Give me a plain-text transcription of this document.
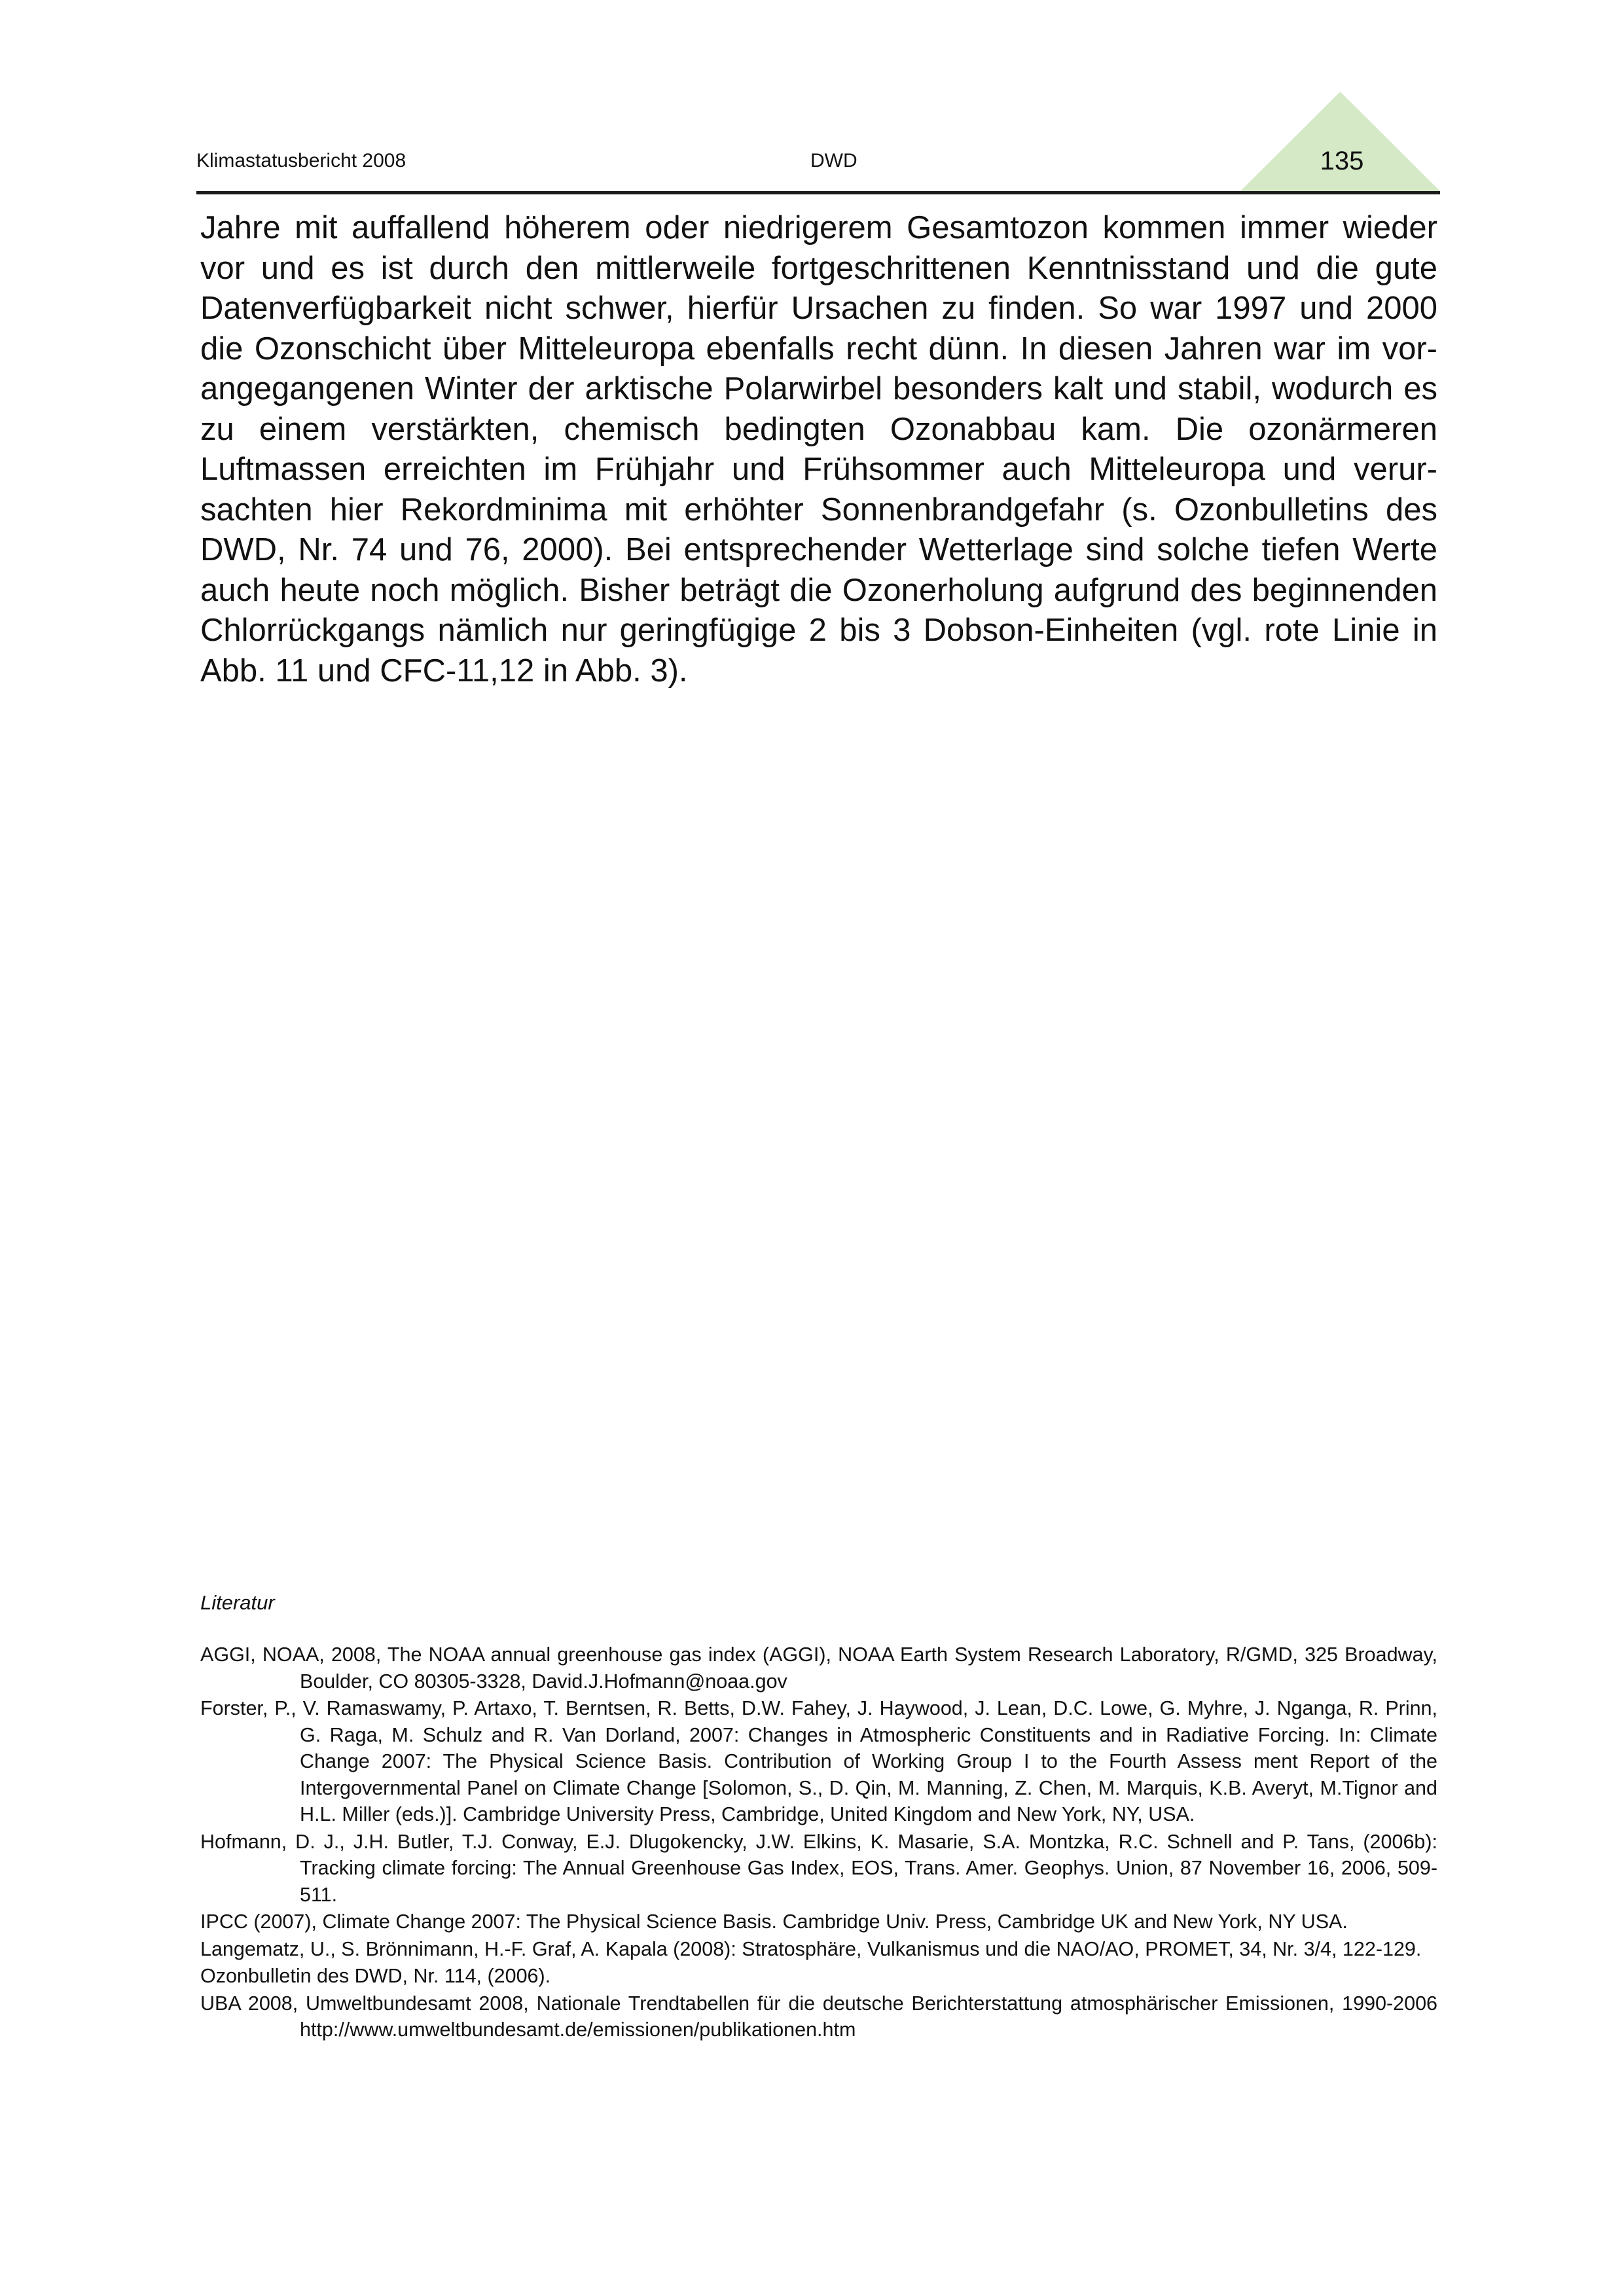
Klimastatusbericht 2008	DWD	135

Jahre mit auffallend höherem oder niedrigerem Gesamtozon kommen immer wieder vor und es ist durch den mittlerweile fortgeschrittenen Kenntnisstand und die gute Datenverfügbarkeit nicht schwer, hierfür Ursachen zu finden. So war 1997 und 2000 die Ozonschicht über Mitteleuropa ebenfalls recht dünn. In diesen Jahren war im vorangegangenen Winter der arktische Polarwirbel besonders kalt und stabil, wodurch es zu einem verstärkten, chemisch bedingten Ozonabbau kam. Die ozonärmeren Luftmassen erreichten im Frühjahr und Frühsommer auch Mitteleuropa und verursachten hier Rekordminima mit erhöhter Sonnenbrandgefahr (s. Ozonbulletins des DWD, Nr. 74 und 76, 2000). Bei entsprechender Wetterlage sind solche tiefen Werte auch heute noch möglich. Bisher beträgt die Ozonerholung aufgrund des beginnenden Chlorrückgangs nämlich nur geringfügige 2 bis 3 Dobson-Einheiten (vgl. rote Linie in Abb. 11 und CFC-11,12 in Abb. 3).

Literatur
AGGI, NOAA, 2008, The NOAA annual greenhouse gas index (AGGI), NOAA Earth System Research Laboratory, R/GMD, 325 Broadway, Boulder, CO 80305-3328, David.J.Hofmann@noaa.gov
Forster, P., V. Ramaswamy, P. Artaxo, T. Berntsen, R. Betts, D.W. Fahey, J. Haywood, J. Lean, D.C. Lowe, G. Myhre, J. Nganga, R. Prinn, G. Raga, M. Schulz and R. Van Dorland, 2007: Changes in Atmospheric Constituents and in Radiative Forcing. In: Climate Change 2007: The Physical Science Basis. Contribution of Working Group I to the Fourth Assess ment Report of the Intergovernmental Panel on Climate Change [Solomon, S., D. Qin, M. Manning, Z. Chen, M. Marquis, K.B. Averyt, M.Tignor and H.L. Miller (eds.)]. Cambridge University Press, Cambridge, United Kingdom and New York, NY, USA.
Hofmann, D. J., J.H. Butler, T.J. Conway, E.J. Dlugokencky, J.W. Elkins, K. Masarie, S.A. Montzka, R.C. Schnell and P. Tans, (2006b): Tracking climate forcing: The Annual Greenhouse Gas Index, EOS, Trans. Amer. Geophys. Union, 87 November 16, 2006, 509-511.
IPCC (2007), Climate Change 2007: The Physical Science Basis. Cambridge Univ. Press, Cambridge UK and New York, NY USA.
Langematz, U., S. Brönnimann, H.-F. Graf, A. Kapala (2008): Stratosphäre, Vulkanismus und die NAO/AO, PROMET, 34, Nr. 3/4, 122-129.
Ozonbulletin des DWD, Nr. 114, (2006).
UBA 2008, Umweltbundesamt 2008, Nationale Trendtabellen für die deutsche Berichterstattung atmosphärischer Emissionen, 1990-2006 http://www.umweltbundesamt.de/emissionen/publikationen.htm
